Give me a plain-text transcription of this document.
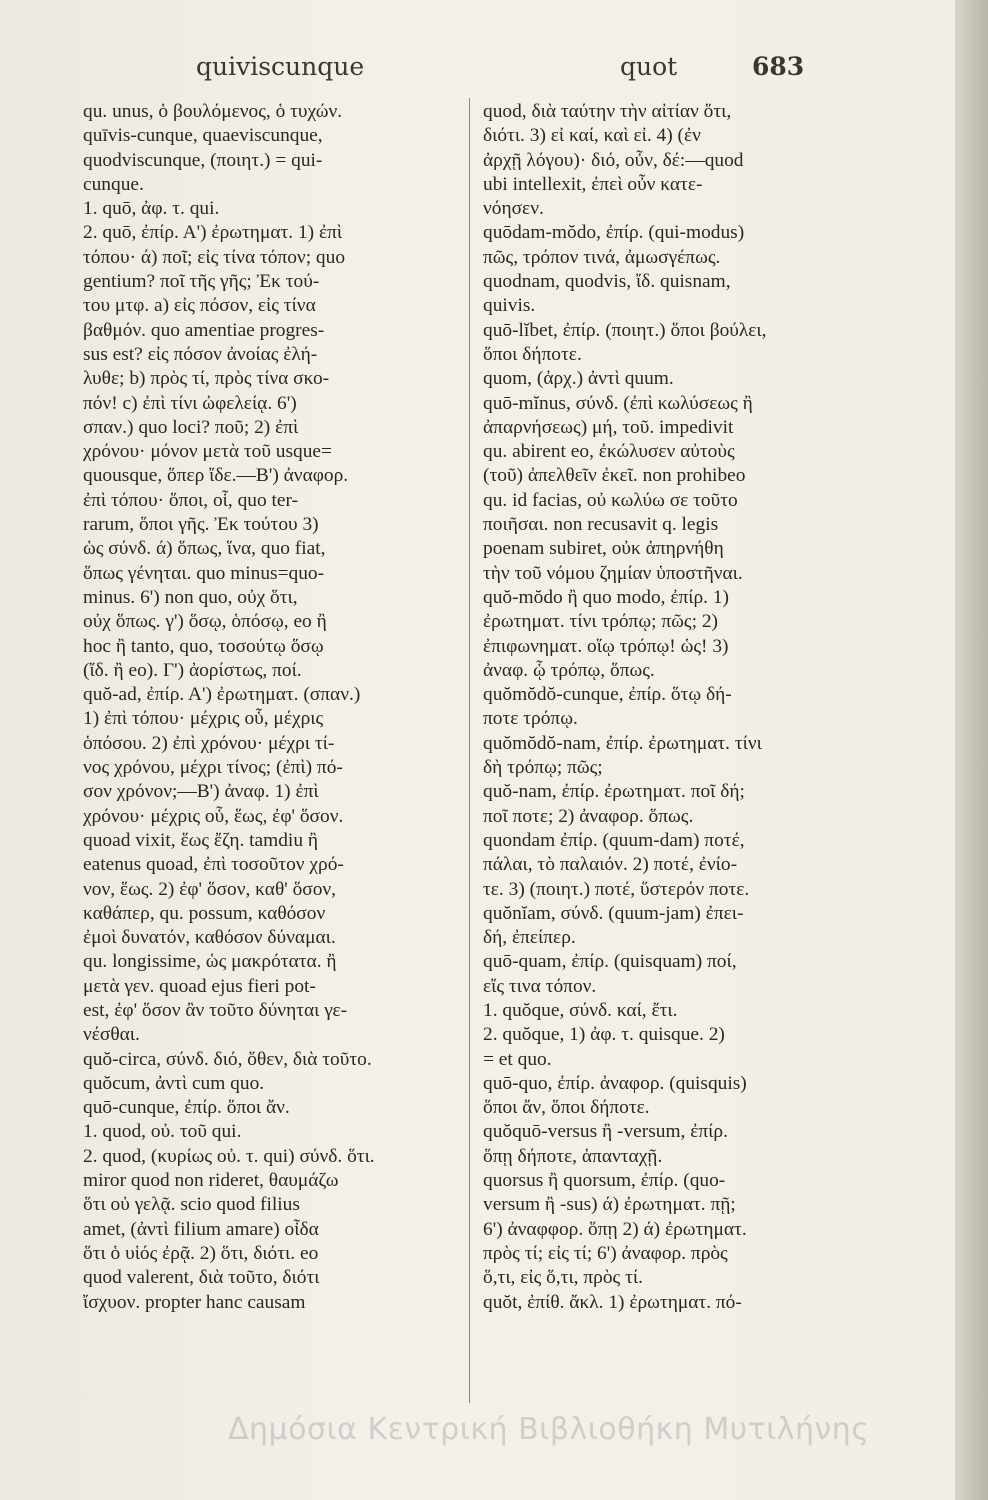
quiviscunque	quot	683
qu. unus, ὁ βουλόμενος, ὁ τυχών.
quīvis-cunque, quaeviscunque,
quodviscunque, (ποιητ.) = qui-
cunque.
1. quō, ἀφ. τ. qui.
2. quō, ἐπίρ. Α') ἐρωτηματ. 1) ἐπὶ
τόπου· ά) ποῖ; εἰς τίνα τόπον; quo
gentium? ποῖ τῆς γῆς; Ἐκ τού-
του μτφ. a) εἰς πόσον, εἰς τίνα
βαθμόν. quo amentiae progres-
sus est? εἰς πόσον ἀνοίας ἐλή-
λυθε; b) πρὸς τί, πρὸς τίνα σκο-
πόν! c) ἐπὶ τίνι ὠφελείᾳ. 6')
σπαν.) quo loci? ποῦ; 2) ἐπὶ
χρόνου· μόνον μετὰ τοῦ usque=
quousque, ὅπερ ἴδε.—Β') ἀναφορ.
ἐπὶ τόπου· ὅποι, οἷ, quo ter-
rarum, ὅποι γῆς. Ἐκ τούτου 3)
ὡς σύνδ. ά) ὅπως, ἵνα, quo fiat,
ὅπως γένηται. quo minus=quo-
minus. 6') non quo, οὐχ ὅτι,
οὐχ ὅπως. γ') ὅσῳ, ὁπόσῳ, eo ἢ
hoc ἢ tanto, quo, τοσούτῳ ὅσῳ
(ἴδ. ἢ eo). Γ') ἀορίστως, ποί.
quŏ-ad, ἐπίρ. Α') ἐρωτηματ. (σπαν.)
1) ἐπὶ τόπου· μέχρις οὗ, μέχρις
ὁπόσου. 2) ἐπὶ χρόνου· μέχρι τί-
νος χρόνου, μέχρι τίνος; (ἐπὶ) πό-
σον χρόνον;—Β') ἀναφ. 1) ἐπὶ
χρόνου· μέχρις οὗ, ἕως, ἐφ' ὅσον.
quoad vixit, ἕως ἔζη. tamdiu ἢ
eatenus quoad, ἐπὶ τοσοῦτον χρό-
νον, ἕως. 2) ἐφ' ὅσον, καθ' ὅσον,
καθάπερ, qu. possum, καθόσον
ἐμοὶ δυνατόν, καθόσον δύναμαι.
qu. longissime, ὡς μακρότατα. ἢ
μετὰ γεν. quoad ejus fieri pot-
est, ἐφ' ὅσον ἂν τοῦτο δύνηται γε-
νέσθαι.
quŏ-circa, σύνδ. διό, ὅθεν, διὰ τοῦτο.
quŏcum, ἀντὶ cum quo.
quō-cunque, ἐπίρ. ὅποι ἄν.
1. quod, οὐ. τοῦ qui.
2. quod, (κυρίως οὐ. τ. qui) σύνδ. ὅτι.
miror quod non rideret, θαυμάζω
ὅτι οὐ γελᾷ. scio quod filius
amet, (ἀντὶ filium amare) οἶδα
ὅτι ὁ υἱός ἐρᾷ. 2) ὅτι, διότι. eo
quod valerent, διὰ τοῦτο, διότι
ἴσχυον. propter hanc causam
quod, διὰ ταύτην τὴν αἰτίαν ὅτι,
διότι. 3) εἰ καί, καὶ εἰ. 4) (ἐν
ἀρχῇ λόγου)· διό, οὖν, δέ:—quod
ubi intellexit, ἐπεὶ οὖν κατε-
νόησεν.
quōdam-mŏdo, ἐπίρ. (qui-modus)
πῶς, τρόπον τινά, ἀμωσγέπως.
quodnam, quodvis, ἴδ. quisnam,
quivis.
quō-lĭbet, ἐπίρ. (ποιητ.) ὅποι βούλει,
ὅποι δήποτε.
quom, (ἀρχ.) ἀντὶ quum.
quō-mĭnus, σύνδ. (ἐπὶ κωλύσεως ἢ
ἀπαρνήσεως) μή, τοῦ. impedivit
qu. abirent eo, ἐκώλυσεν αὐτοὺς
(τοῦ) ἀπελθεῖν ἐκεῖ. non prohibeo
qu. id facias, οὐ κωλύω σε τοῦτο
ποιῆσαι. non recusavit q. legis
poenam subiret, οὐκ ἀπηρνήθη
τὴν τοῦ νόμου ζημίαν ὑποστῆναι.
quŏ-mŏdo ἢ quo modo, ἐπίρ. 1)
ἐρωτηματ. τίνι τρόπῳ; πῶς; 2)
ἐπιφωνηματ. οἵῳ τρόπῳ! ὡς! 3)
ἀναφ. ᾧ τρόπῳ, ὅπως.
quŏmŏdŏ-cunque, ἐπίρ. ὅτῳ δή-
ποτε τρόπῳ.
quŏmŏdŏ-nam, ἐπίρ. ἐρωτηματ. τίνι
δὴ τρόπῳ; πῶς;
quŏ-nam, ἐπίρ. ἐρωτηματ. ποῖ δή;
ποῖ ποτε; 2) ἀναφορ. ὅπως.
quondam ἐπίρ. (quum-dam) ποτέ,
πάλαι, τὸ παλαιόν. 2) ποτέ, ἐνίο-
τε. 3) (ποιητ.) ποτέ, ὕστερόν ποτε.
quŏnĭam, σύνδ. (quum-jam) ἐπει-
δή, ἐπείπερ.
quō-quam, ἐπίρ. (quisquam) ποί,
εἴς τινα τόπον.
1. quŏque, σύνδ. καί, ἔτι.
2. quŏque, 1) ἀφ. τ. quisque. 2)
= et quo.
quō-quo, ἐπίρ. ἀναφορ. (quisquis)
ὅποι ἄν, ὅποι δήποτε.
quŏquō-versus ἢ -versum, ἐπίρ.
ὅπῃ δήποτε, ἁπανταχῇ.
quorsus ἢ quorsum, ἐπίρ. (quo-
versum ἢ -sus) ά) ἐρωτηματ. πῇ;
6') ἀναφφορ. ὅπῃ 2) ά) ἐρωτηματ.
πρὸς τί; εἰς τί; 6') ἀναφορ. πρὸς
ὅ,τι, εἰς ὅ,τι, πρὸς τί.
quŏt, ἐπίθ. ἄκλ. 1) ἐρωτηματ. πό-
Δημόσια Κεντρική Βιβλιοθήκη Μυτιλήνης
